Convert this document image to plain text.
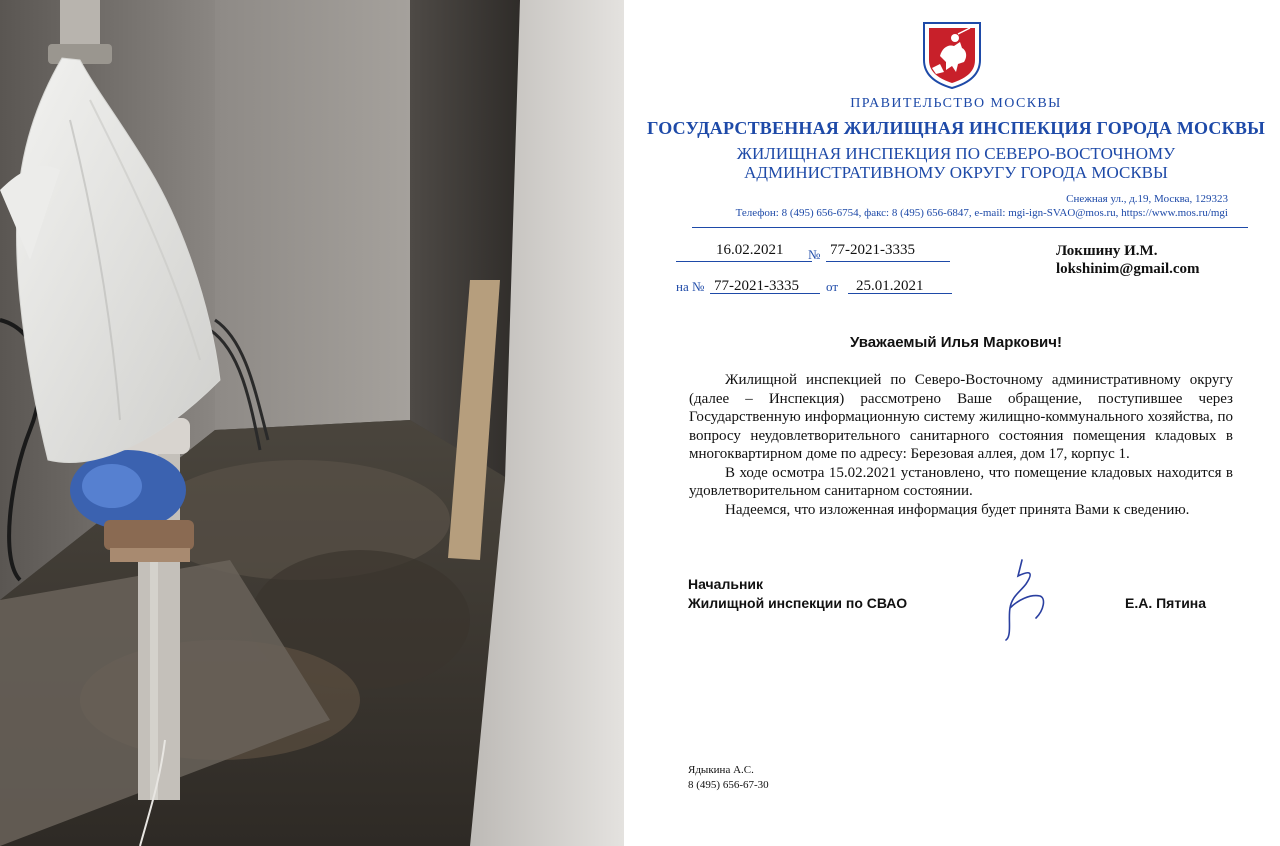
ПРАВИТЕЛЬСТВО МОСКВЫ
ГОСУДАРСТВЕННАЯ ЖИЛИЩНАЯ ИНСПЕКЦИЯ ГОРОДА МОСКВЫ
ЖИЛИЩНАЯ ИНСПЕКЦИЯ ПО СЕВЕРО-ВОСТОЧНОМУ
АДМИНИСТРАТИВНОМУ ОКРУГУ ГОРОДА МОСКВЫ
Снежная ул., д.19, Москва, 129323
Телефон: 8 (495) 656-6754, факс: 8 (495) 656-6847, e-mail: mgi-ign-SVAO@mos.ru, https://www.mos.ru/mgi
16.02.2021 № 77-2021-3335
на № 77-2021-3335 от 25.01.2021
Локшину И.М.
lokshinim@gmail.com
Уважаемый Илья Маркович!

Жилищной инспекцией по Северо-Восточному административному округу (далее – Инспекция) рассмотрено Ваше обращение, поступившее через Государственную информационную систему жилищно-коммунального хозяйства, по вопросу неудовлетворительного санитарного состояния помещения кладовых в многоквартирном доме по адресу: Березовая аллея, дом 17, корпус 1.

В ходе осмотра 15.02.2021 установлено, что помещение кладовых находится в удовлетворительном санитарном состоянии.

Надеемся, что изложенная информация будет принята Вами к сведению.

Начальник
Жилищной инспекции по СВАО	Е.А. Пятина
Ядыкина А.С.
8 (495) 656-67-30
